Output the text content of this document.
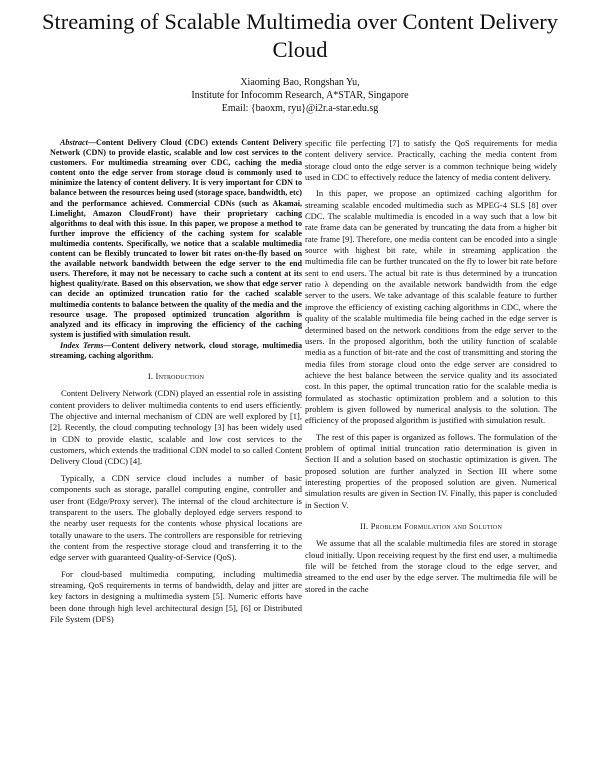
Streaming of Scalable Multimedia over Content Delivery Cloud
Xiaoming Bao, Rongshan Yu,
Institute for Infocomm Research, A*STAR, Singapore
Email: {baoxm, ryu}@i2r.a-star.edu.sg

Abstract—Content Delivery Cloud (CDC) extends Content Delivery Network (CDN) to provide elastic, scalable and low cost services to the customers. For multimedia streaming over CDC, caching the media content onto the edge server from storage cloud is commonly used to minimize the latency of content delivery. It is very important for CDN to balance between the resources being used (storage space, bandwidth, etc) and the performance achieved. Commercial CDNs (such as Akamai, Limelight, Amazon CloudFront) have their proprietary caching algorithms to deal with this issue. In this paper, we propose a method to further improve the efficiency of the caching system for scalable multimedia contents. Specifically, we notice that a scalable multimedia content can be flexibly truncated to lower bit rates on-the-fly based on the available network bandwidth between the edge server to the end users. Therefore, it may not be necessary to cache such a content at its highest quality/rate. Based on this observation, we show that edge server can decide an optimized truncation ratio for the cached scalable multimedia contents to balance between the quality of the media and the resource usage. The proposed optimized truncation algorithm is analyzed and its efficacy in improving the efficiency of the caching system is justified with simulation result.

Index Terms—Content delivery network, cloud storage, multimedia streaming, caching algorithm.

I. Introduction

Content Delivery Network (CDN) played an essential role in assisting content providers to deliver multimedia contents to end users efficiently. The objective and internal mechanism of CDN are well explored by [1], [2]. Recently, the cloud computing technology [3] has been widely used in CDN to provide elastic, scalable and low cost services to the customers, which extends the traditional CDN model to so called Content Delivery Cloud (CDC) [4].

Typically, a CDN service cloud includes a number of basic components such as storage, parallel computing engine, controller and user front (Edge/Proxy server). The internal of the cloud architecture is transparent to the users. The globally deployed edge servers respond to the nearby user requests for the contents whose physical locations are totally unaware to the users. The controllers are responsible for retrieving the content from the respective storage cloud and transferring it to the edge server with guaranteed Quality-of-Service (QoS).

For cloud-based multimedia computing, including multimedia streaming, QoS requirements in terms of bandwidth, delay and jitter are key factors in designing a multimedia system [5]. Numeric efforts have been done through high level architectural design [5], [6] or Distributed File System (DFS)

specific file perfecting [7] to satisfy the QoS requirements for media content delivery service. Practically, caching the media content from storage cloud onto the edge server is a common technique being widely used in CDC to effectively reduce the latency of media content delivery.

In this paper, we propose an optimized caching algorithm for streaming scalable encoded multimedia such as MPEG-4 SLS [8] over CDC. The scalable multimedia is encoded in a way such that a low bit rate frame data can be generated by truncating the data from a higher bit rate frame [9]. Therefore, one media content can be encoded into a single source with highest bit rate, while in streaming application the multimedia file can be further truncated on the fly to lower bit rate before sent to end users. The actual bit rate is thus determined by a truncation ratio λ depending on the available network bandwidth from the edge server to the users. We take advantage of this scalable feature to further improve the efficiency of existing caching algorithms in CDC, where the quality of the scalable multimedia file being cached in the edge server is determined based on the network conditions from the edge server to the users. In the proposed algorithm, both the utility function of scalable media as a function of bit-rate and the cost of transmitting and storing the media files from storage cloud onto the edge server are considred to achieve the best balance between the service quality and its associated cost. In this paper, the optimal truncation ratio for the scalable media is formulated as stochastic optimization problem and a solution to this problem is given followed by numerical analysis to the solution. The efficiency of the proposed algorithm is justified with simulation result.

The rest of this paper is organized as follows. The formulation of the problem of optimal initial truncation ratio determination is given in Section II and a solution based on stochastic optimization is given. The proposed solution are further analyzed in Section III where some interesting properties of the proposed solution are given. Numerical simulation results are given in Section IV. Finally, this paper is concluded in Section V.

II. Problem Formulation and Solution

We assume that all the scalable multimedia files are stored in storage cloud initially. Upon receiving request by the first end user, a multimedia file will be fetched from the storage cloud to the edge server, and streamed to the end user by the edge server. The multimedia file will be stored in the cache
